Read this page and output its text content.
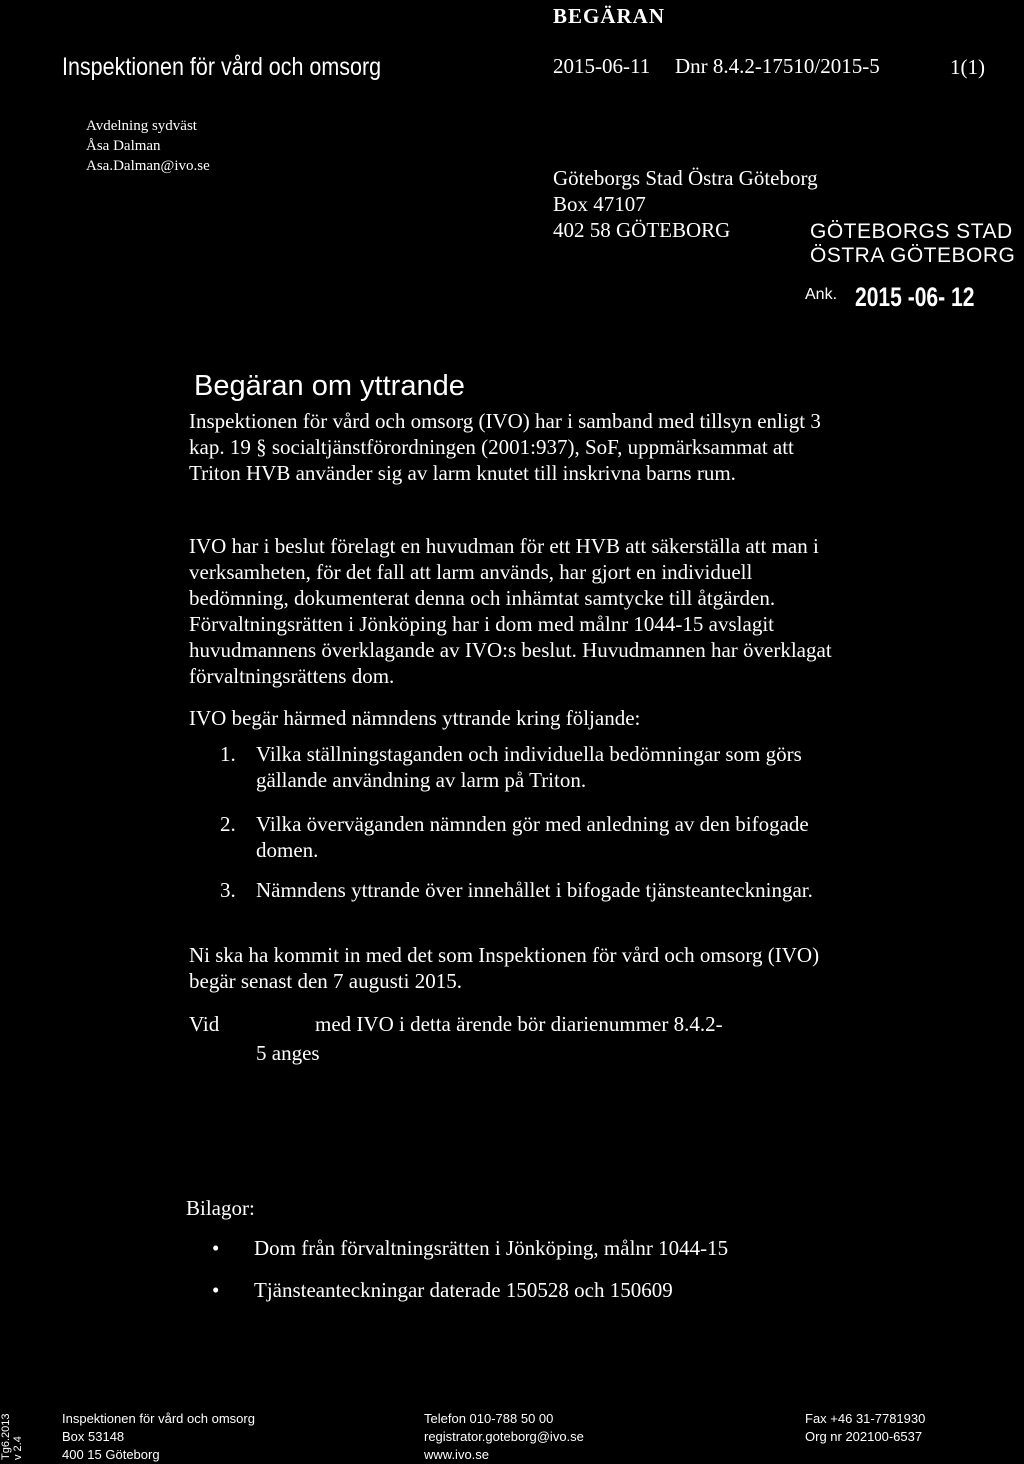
BEGÄRAN
Inspektionen för vård och omsorg	2015-06-11 Dnr 8.4.2-17510/2015-5	1(1)
Avdelning sydväst
Åsa Dalman
Asa.Dalman@ivo.se	Göteborgs Stad Östra Göteborg
Box 47107
402 58 GÖTEBORG	GÖTEBORGS STAD
ÖSTRA GÖTEBORG
Ank. 2015 -06- 12
Begäran om yttrande
Inspektionen för vård och omsorg (IVO) har i samband med tillsyn enligt 3 kap. 19 § socialtjänstförordningen (2001:937), SoF, uppmärksammat att Triton HVB använder sig av larm knutet till inskrivna barns rum.
IVO har i beslut förelagt en huvudman för ett HVB att säkerställa att man i verksamheten, för det fall att larm används, har gjort en individuell bedömning, dokumenterat denna och inhämtat samtycke till åtgärden. Förvaltningsrätten i Jönköping har i dom med målnr 1044-15 avslagit huvudmannens överklagande av IVO:s beslut. Huvudmannen har överklagat förvaltningsrättens dom.
IVO begär härmed nämndens yttrande kring följande:
1. Vilka ställningstaganden och individuella bedömningar som görs gällande användning av larm på Triton.
2. Vilka överväganden nämnden gör med anledning av den bifogade domen.
3. Nämndens yttrande över innehållet i bifogade tjänsteanteckningar.
Ni ska ha kommit in med det som Inspektionen för vård och omsorg (IVO) begär senast den 7 augusti 2015.
Vid	med IVO i detta ärende bör diarienummer 8.4.2-
5 anges
Bilagor:
• Dom från förvaltningsrätten i Jönköping, målnr 1044-15
• Tjänsteanteckningar daterade 150528 och 150609
Inspektionen för vård och omsorg
Box 53148
400 15 Göteborg
Telefon 010-788 50 00
registrator.goteborg@ivo.se
www.ivo.se
Fax +46 31-7781930
Org nr 202100-6537
Tg6.2013 v 2.4
